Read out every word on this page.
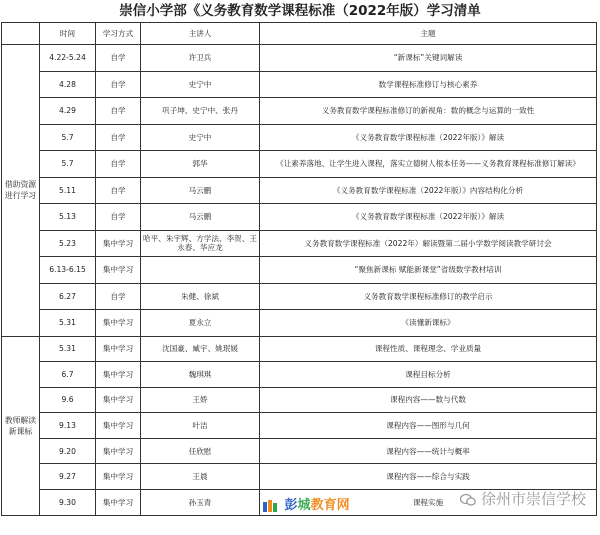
崇信小学部《义务教育数学课程标准（2022年版）学习清单
	时间	学习方式	主讲人	主题
借助资源进行学习	4.22-5.24	自学	许卫兵	“新课标”关键词解读
	4.28	自学	史宁中	数学课程标准修订与核心素养
	4.29	自学	巩子坤、史宁中、张丹	义务教育数学课程标准修订的新视角：数的概念与运算的一致性
	5.7	自学	史宁中	《义务教育数学课程标准（2022年版）》解读
	5.7	自学	郭华	《让素养落地、让学生进入课程，落实立德树人根本任务——义务教育课程标准修订解读》
	5.11	自学	马云鹏	《义务教育数学课程标准（2022年版）》内容结构化分析
	5.13	自学	马云鹏	《义务教育数学课程标准（2022年版）》解读
	5.23	集中学习	哈平、朱宇辉、方学法、李贺、王永春、华应龙	义务教育数学课程标准（2022年）解读暨第二届小学数学阅读教学研讨会
	6.13-6.15	集中学习		“聚焦新课标 赋能新课堂”省级数学教材培训
	6.27	自学	朱健、徐斌	义务教育数学课程标准修订的教学启示
	5.31	集中学习	夏永立	《读懂新课标》
教师解读新课标	5.31	集中学习	沈国豪、臧宇、姚珉媛	课程性质、课程理念、学业质量
	6.7	集中学习	魏琪琪	课程目标分析
	9.6	集中学习	王娇	课程内容——数与代数
	9.13	集中学习	叶洁	课程内容——图形与几何
	9.20	集中学习	任欣慰	课程内容——统计与概率
	9.27	集中学习	王晨	课程内容——综合与实践
	9.30	集中学习	孙玉青	课程实施
彭城教育网	徐州市崇信学校
